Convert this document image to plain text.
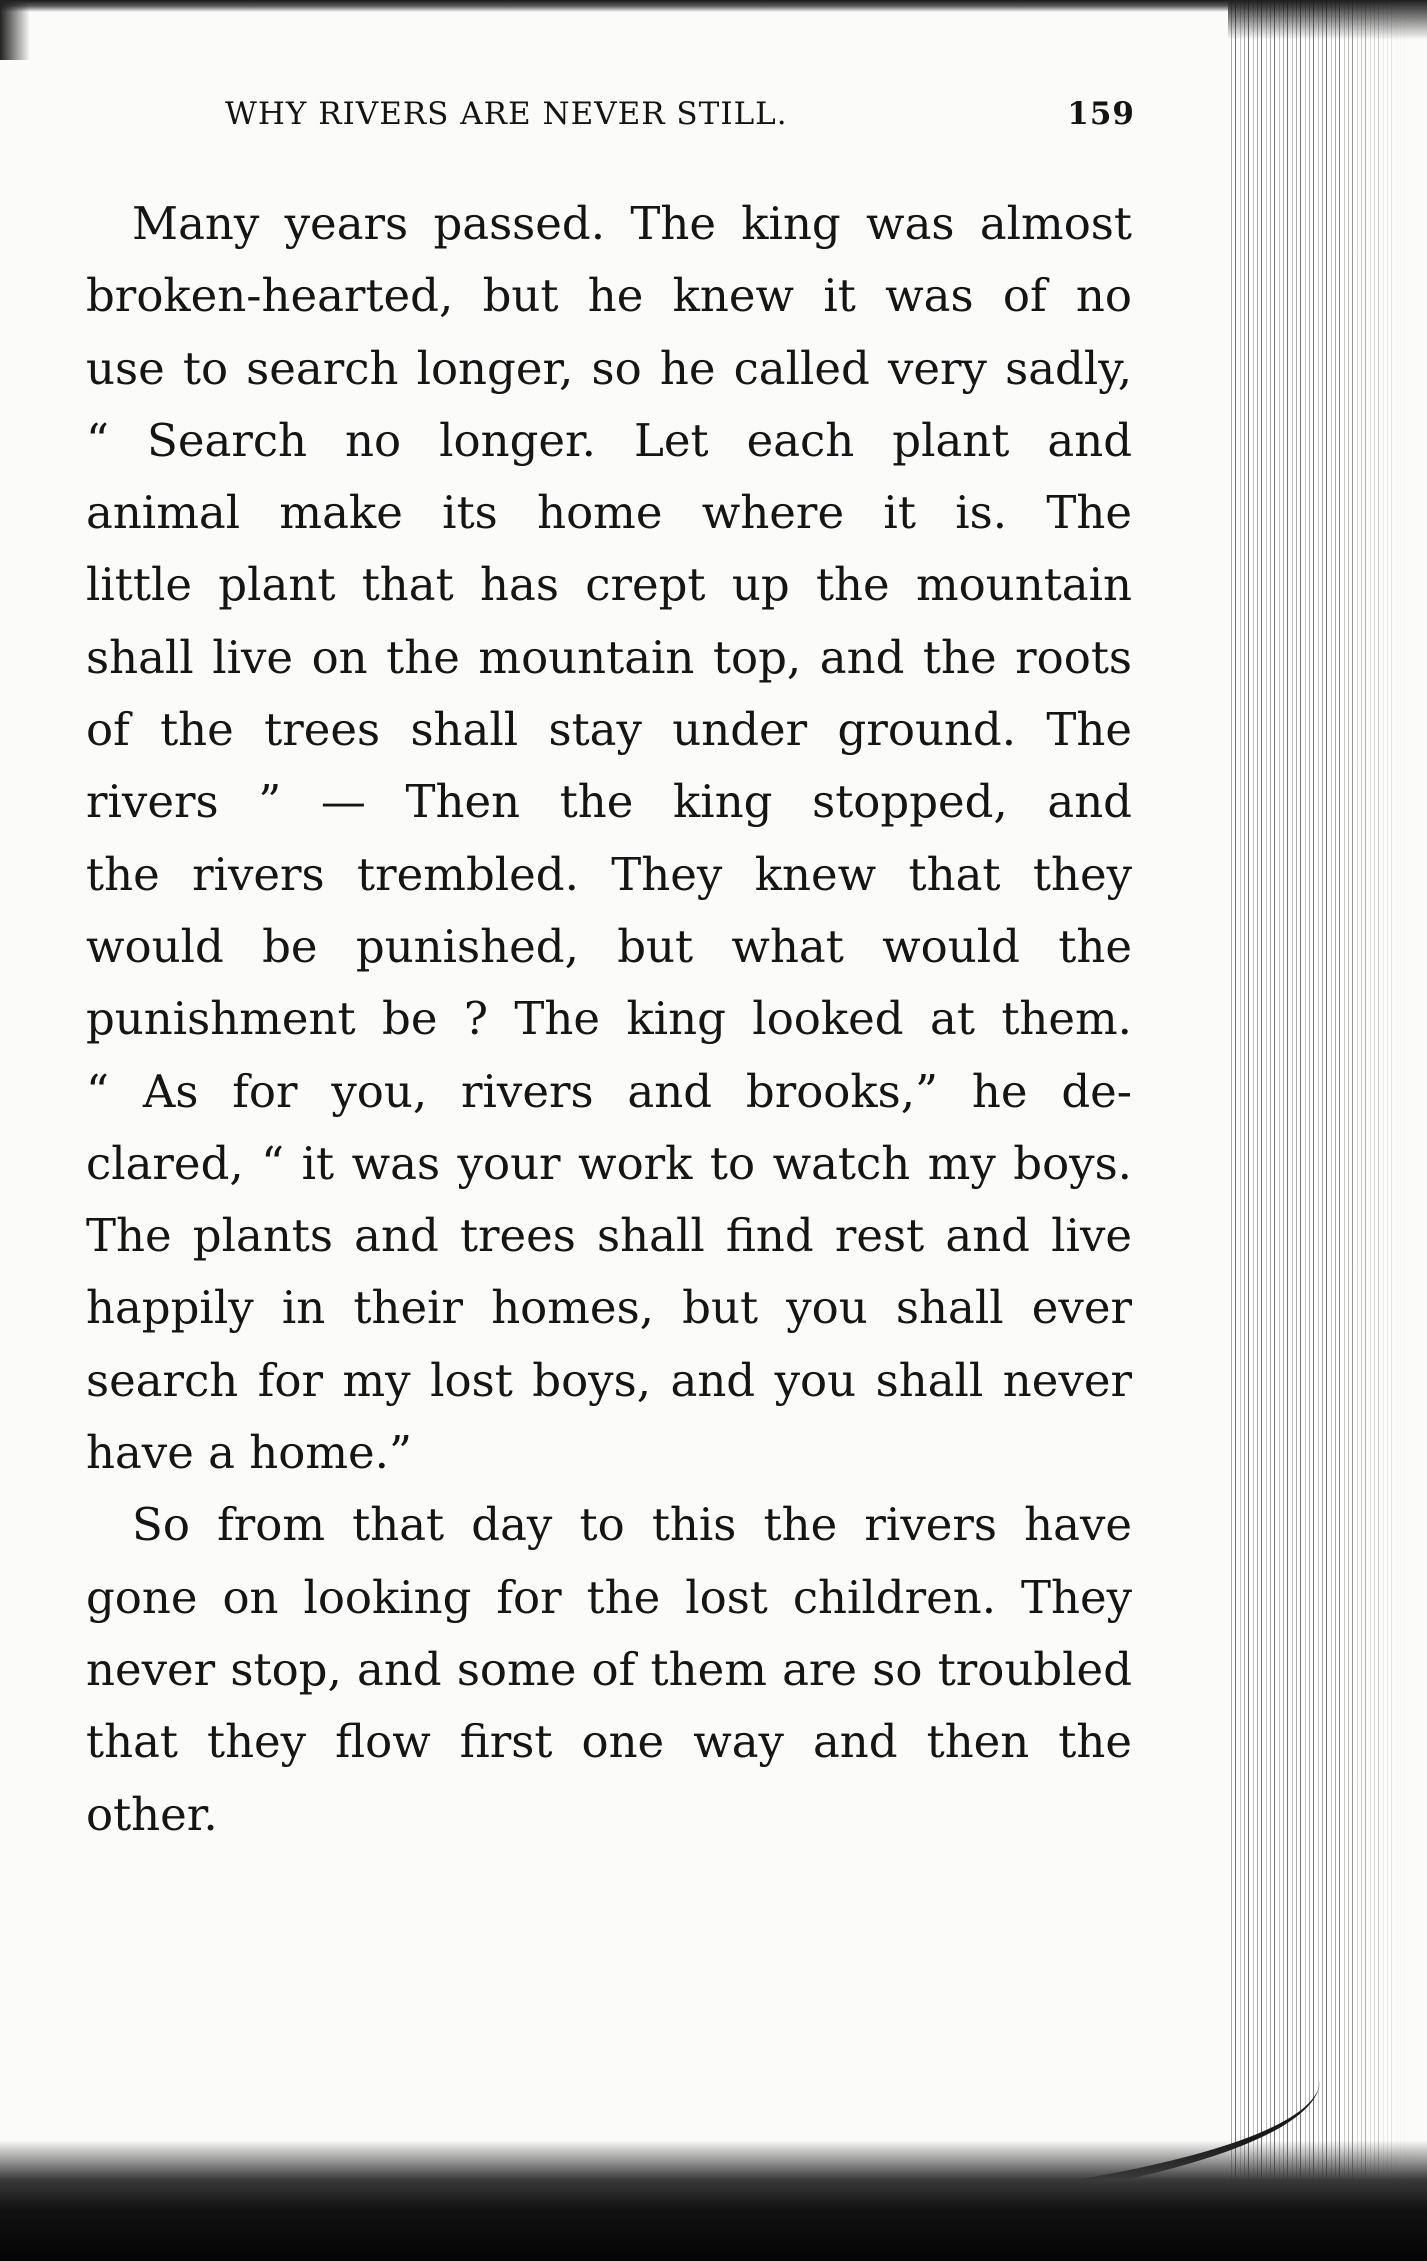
WHY RIVERS ARE NEVER STILL.	159
Many years passed. The king was almost
broken-hearted, but he knew it was of no
use to search longer, so he called very sadly,
“ Search no longer. Let each plant and
animal make its home where it is. The
little plant that has crept up the mountain
shall live on the mountain top, and the roots
of the trees shall stay under ground. The
rivers ” — Then the king stopped, and
the rivers trembled. They knew that they
would be punished, but what would the
punishment be ? The king looked at them.
“ As for you, rivers and brooks,” he de-
clared, “ it was your work to watch my boys.
The plants and trees shall find rest and live
happily in their homes, but you shall ever
search for my lost boys, and you shall never
have a home.”
So from that day to this the rivers have
gone on looking for the lost children. They
never stop, and some of them are so troubled
that they flow first one way and then the
other.
